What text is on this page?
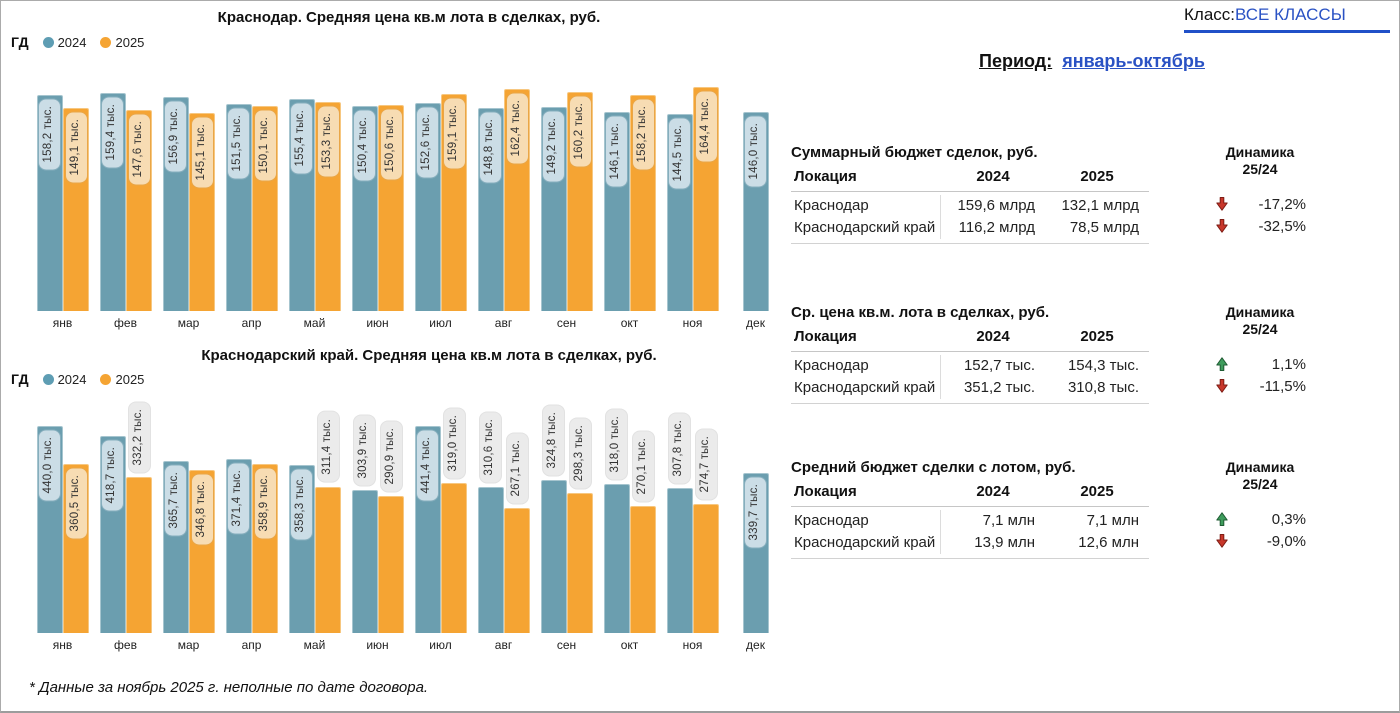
Краснодар. Средняя цена кв.м лота в сделках, руб.
ГД 2024 2025
158,2 тыс.	149,1 тыс.
янв
159,4 тыс.	147,6 тыс.
фев
156,9 тыс.	145,1 тыс.
мар
151,5 тыс.	150,1 тыс.
апр
155,4 тыс.	153,3 тыс.
май
150,4 тыс.	150,6 тыс.
июн
152,6 тыс.	159,1 тыс.
июл
148,8 тыс.	162,4 тыс.
авг
149,2 тыс.	160,2 тыс.
сен
146,1 тыс.	158,2 тыс.
окт
144,5 тыс.	164,4 тыс.
ноя
146,0 тыс.
дек
Краснодарский край. Средняя цена кв.м лота в сделках, руб.
ГД 2024 2025
440,0 тыс.
360,5 тыс.
янв
418,7 тыс.
332,2 тыс.
фев
365,7 тыс.	346,8 тыс.
мар
371,4 тыс.	358,9 тыс.
апр
358,3 тыс.
311,4 тыс.
май
303,9 тыс.	290,9 тыс.
июн
441,4 тыс.	319,0 тыс.
июл
310,6 тыс.	267,1 тыс.
авг
324,8 тыс.	298,3 тыс.
сен
318,0 тыс.	270,1 тыс.
окт
307,8 тыс.	274,7 тыс.
ноя
339,7 тыс.
дек
Класс: ВСЕ КЛАССЫ
Период: январь-октябрь

Суммарный бюджет сделок, руб.

Локация	2024	2025
Краснодар	159,6 млрд	132,1 млрд
Краснодарский край	116,2 млрд	78,5 млрд
Динамика
25/24
-17,2%
-32,5%

Ср. цена кв.м. лота в сделках, руб.

Локация	2024	2025
Краснодар	152,7 тыс.	154,3 тыс.
Краснодарский край	351,2 тыс.	310,8 тыс.
Динамика
25/24
1,1%
-11,5%

Средний бюджет сделки с лотом, руб.

Локация	2024	2025
Краснодар	7,1 млн	7,1 млн
Краснодарский край	13,9 млн	12,6 млн
Динамика
25/24
0,3%
-9,0%
* Данные за ноябрь 2025 г. неполные по дате договора.
